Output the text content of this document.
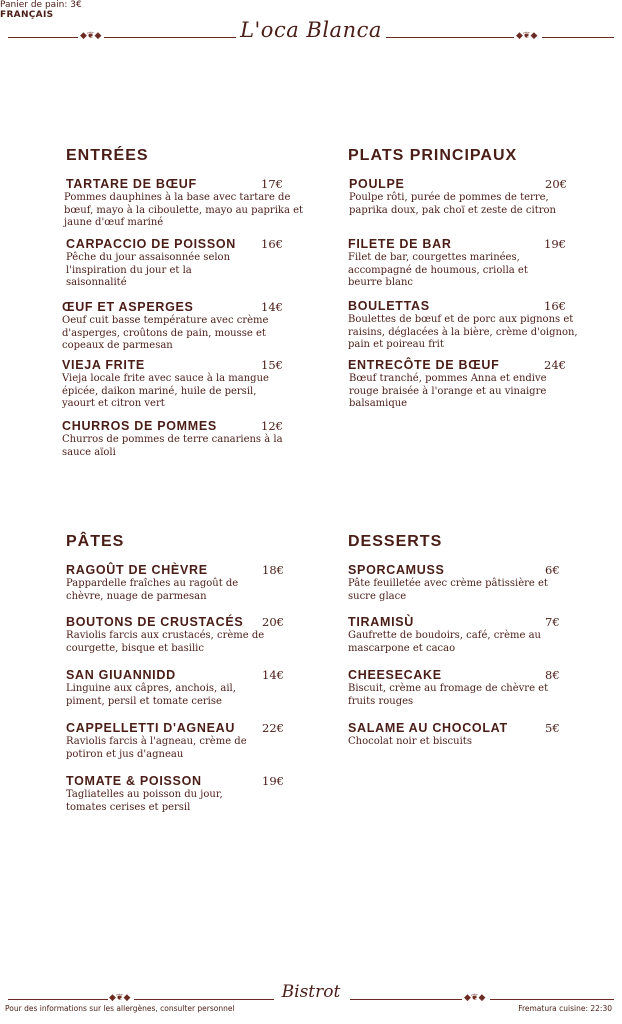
Panier de pain: 3€
FRANÇAIS
◆❦◆	L'oca Blanca	◆❦◆
ENTRÉES
TARTARE DE BŒUF	17€
Pommes dauphines à la base avec tartare de bœuf, mayo à la ciboulette, mayo au paprika et jaune d'œuf mariné
CARPACCIO DE POISSON 16€
Pêche du jour assaisonnée selon l'inspiration du jour et la saisonnalité
ŒUF ET ASPERGES	14€
Oeuf cuit basse température avec crème d'asperges, croûtons de pain, mousse et copeaux de parmesan
VIEJA FRITE	15€
Vieja locale frite avec sauce à la mangue épicée, daikon mariné, huile de persil, yaourt et citron vert
CHURROS DE POMMES	12€
Churros de pommes de terre canariens à la sauce aïoli
PLATS PRINCIPAUX
POULPE	20€
Poulpe rôti, purée de pommes de terre, paprika doux, pak choï et zeste de citron
FILETE DE BAR	19€
Filet de bar, courgettes marinées, accompagné de houmous, criolla et beurre blanc
BOULETTAS	16€
Boulettes de bœuf et de porc aux pignons et raisins, déglacées à la bière, crème d'oignon, pain et poireau frit
ENTRECÔTE DE BŒUF	24€
Bœuf tranché, pommes Anna et endive rouge braisée à l'orange et au vinaigre balsamique
PÂTES
RAGOÛT DE CHÈVRE	18€
Pappardelle fraîches au ragoût de chèvre, nuage de parmesan
BOUTONS DE CRUSTACÉS 20€
Raviolis farcis aux crustacés, crème de courgette, bisque et basilic
SAN GIUANNIDD	14€
Linguine aux câpres, anchois, ail, piment, persil et tomate cerise
CAPPELLETTI D'AGNEAU 22€
Raviolis farcis à l'agneau, crème de potiron et jus d'agneau
TOMATE & POISSON	19€
Tagliatelles au poisson du jour, tomates cerises et persil
DESSERTS
SPORCAMUSS	6€
Pâte feuilletée avec crème pâtissière et sucre glace
TIRAMISÙ	7€
Gaufrette de boudoirs, café, crème au mascarpone et cacao
CHEESECAKE	8€
Biscuit, crème au fromage de chèvre et fruits rouges
SALAME AU CHOCOLAT	5€
Chocolat noir et biscuits
◆❦◆	Bistrot	◆❦◆
Pour des informations sur les allergènes, consulter personnel	Frematura cuisine: 22:30
